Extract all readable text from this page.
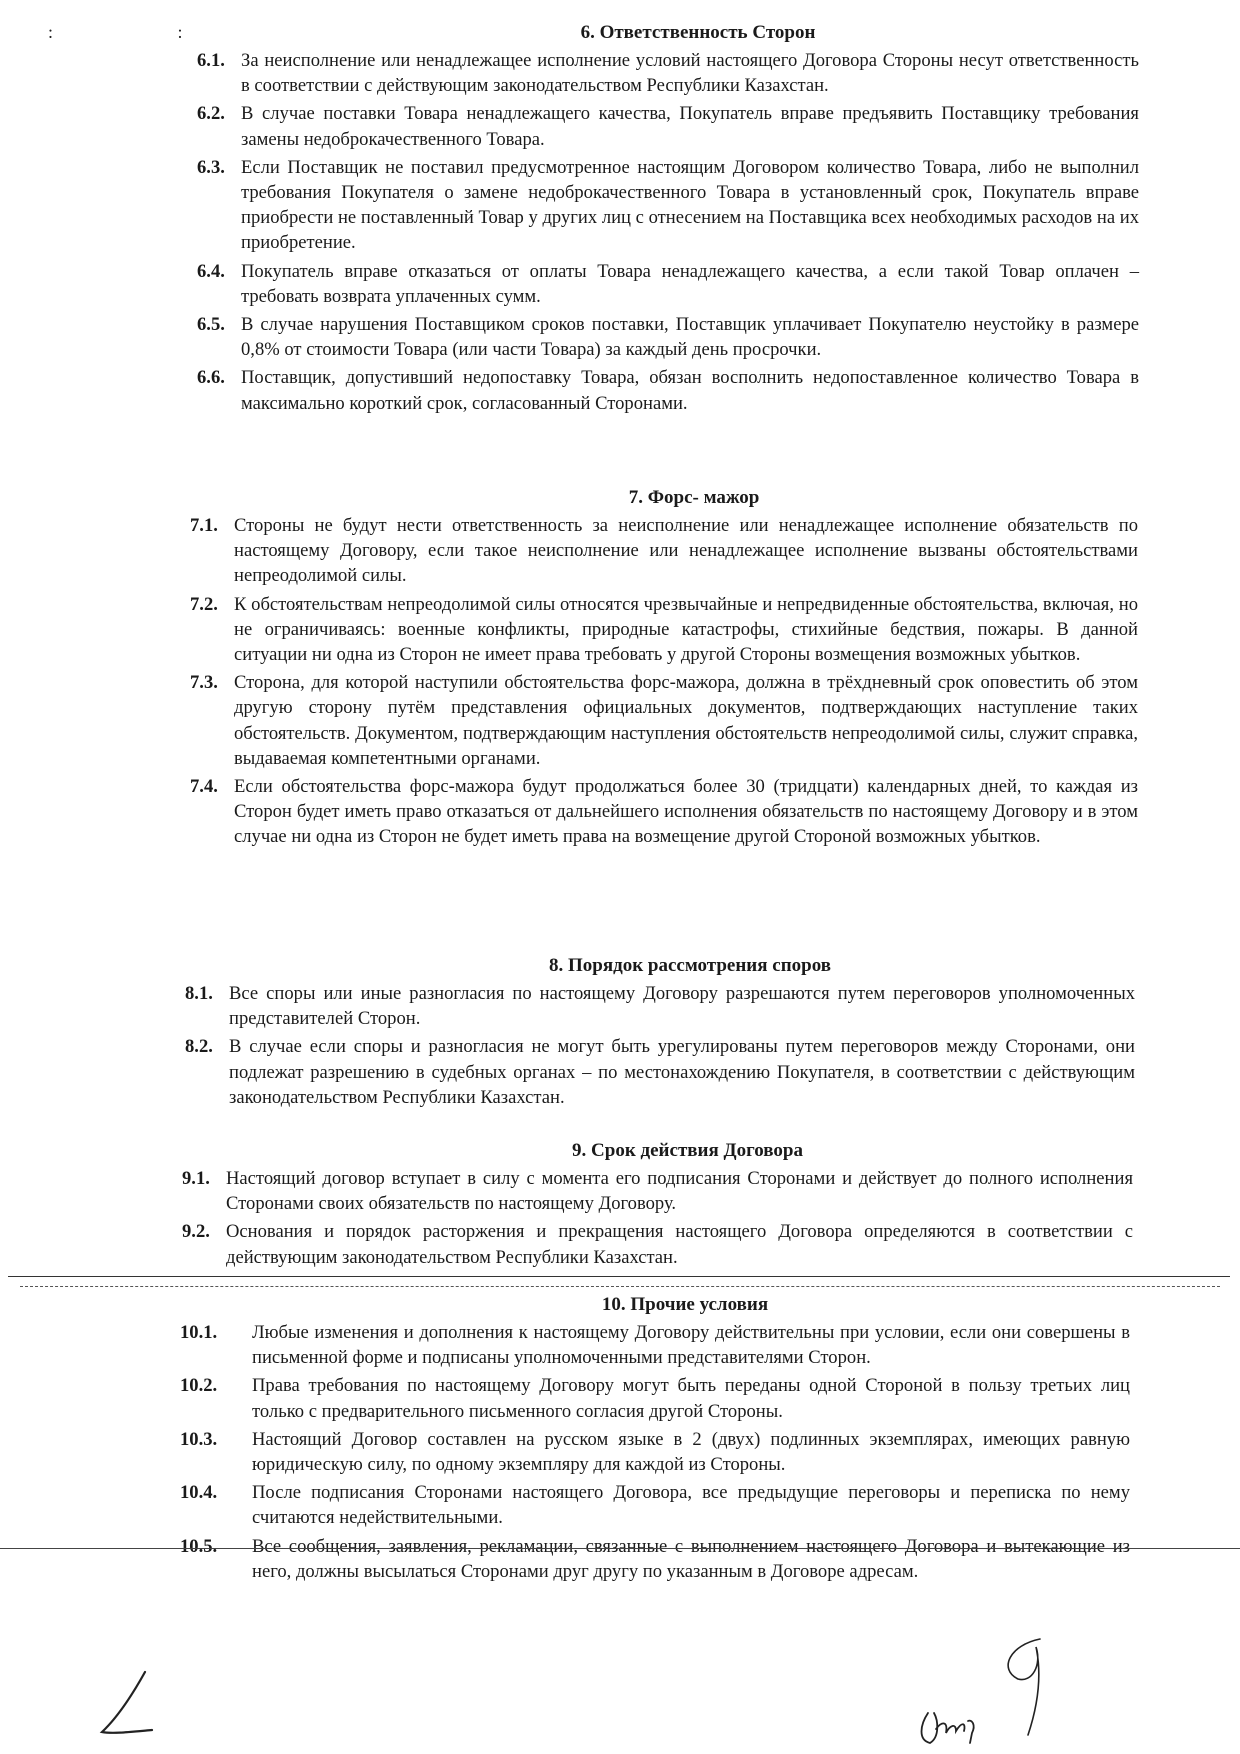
: :	6. Ответственность Сторон
6.1. За неисполнение или ненадлежащее исполнение условий настоящего Договора Стороны несут ответственность в соответствии с действующим законодательством Республики Казахстан.
6.2. В случае поставки Товара ненадлежащего качества, Покупатель вправе предъявить Поставщику требования замены недоброкачественного Товара.
6.3. Если Поставщик не поставил предусмотренное настоящим Договором количество Товара, либо не выполнил требования Покупателя о замене недоброкачественного Товара в установленный срок, Покупатель вправе приобрести не поставленный Товар у других лиц с отнесением на Поставщика всех необходимых расходов на их приобретение.
6.4. Покупатель вправе отказаться от оплаты Товара ненадлежащего качества, а если такой Товар оплачен – требовать возврата уплаченных сумм.
6.5. В случае нарушения Поставщиком сроков поставки, Поставщик уплачивает Покупателю неустойку в размере 0,8% от стоимости Товара (или части Товара) за каждый день просрочки.
6.6. Поставщик, допустивший недопоставку Товара, обязан восполнить недопоставленное количество Товара в максимально короткий срок, согласованный Сторонами.
7. Форс- мажор
7.1. Стороны не будут нести ответственность за неисполнение или ненадлежащее исполнение обязательств по настоящему Договору, если такое неисполнение или ненадлежащее исполнение вызваны обстоятельствами непреодолимой силы.
7.2. К обстоятельствам непреодолимой силы относятся чрезвычайные и непредвиденные обстоятельства, включая, но не ограничиваясь: военные конфликты, природные катастрофы, стихийные бедствия, пожары. В данной ситуации ни одна из Сторон не имеет права требовать у другой Стороны возмещения возможных убытков.
7.3. Сторона, для которой наступили обстоятельства форс-мажора, должна в трёхдневный срок оповестить об этом другую сторону путём представления официальных документов, подтверждающих наступление таких обстоятельств. Документом, подтверждающим наступления обстоятельств непреодолимой силы, служит справка, выдаваемая компетентными органами.
7.4. Если обстоятельства форс-мажора будут продолжаться более 30 (тридцати) календарных дней, то каждая из Сторон будет иметь право отказаться от дальнейшего исполнения обязательств по настоящему Договору и в этом случае ни одна из Сторон не будет иметь права на возмещение другой Стороной возможных убытков.
8. Порядок рассмотрения споров
8.1. Все споры или иные разногласия по настоящему Договору разрешаются путем переговоров уполномоченных представителей Сторон.
8.2. В случае если споры и разногласия не могут быть урегулированы путем переговоров между Сторонами, они подлежат разрешению в судебных органах – по местонахождению Покупателя, в соответствии с действующим законодательством Республики Казахстан.
9. Срок действия Договора
9.1. Настоящий договор вступает в силу с момента его подписания Сторонами и действует до полного исполнения Сторонами своих обязательств по настоящему Договору.
9.2. Основания и порядок расторжения и прекращения настоящего Договора определяются в соответствии с действующим законодательством Республики Казахстан.
10. Прочие условия
10.1.	Любые изменения и дополнения к настоящему Договору действительны при условии, если они совершены в письменной форме и подписаны уполномоченными представителями Сторон.
10.2.	Права требования по настоящему Договору могут быть переданы одной Стороной в пользу третьих лиц только с предварительного письменного согласия другой Стороны.
10.3.	Настоящий Договор составлен на русском языке в 2 (двух) подлинных экземплярах, имеющих равную юридическую силу, по одному экземпляру для каждой из Стороны.
10.4.	После подписания Сторонами настоящего Договора, все предыдущие переговоры и переписка по нему считаются недействительными.
10.5.	Все сообщения, заявления, рекламации, связанные с выполнением настоящего Договора и вытекающие из него, должны высылаться Сторонами друг другу по указанным в Договоре адресам.
